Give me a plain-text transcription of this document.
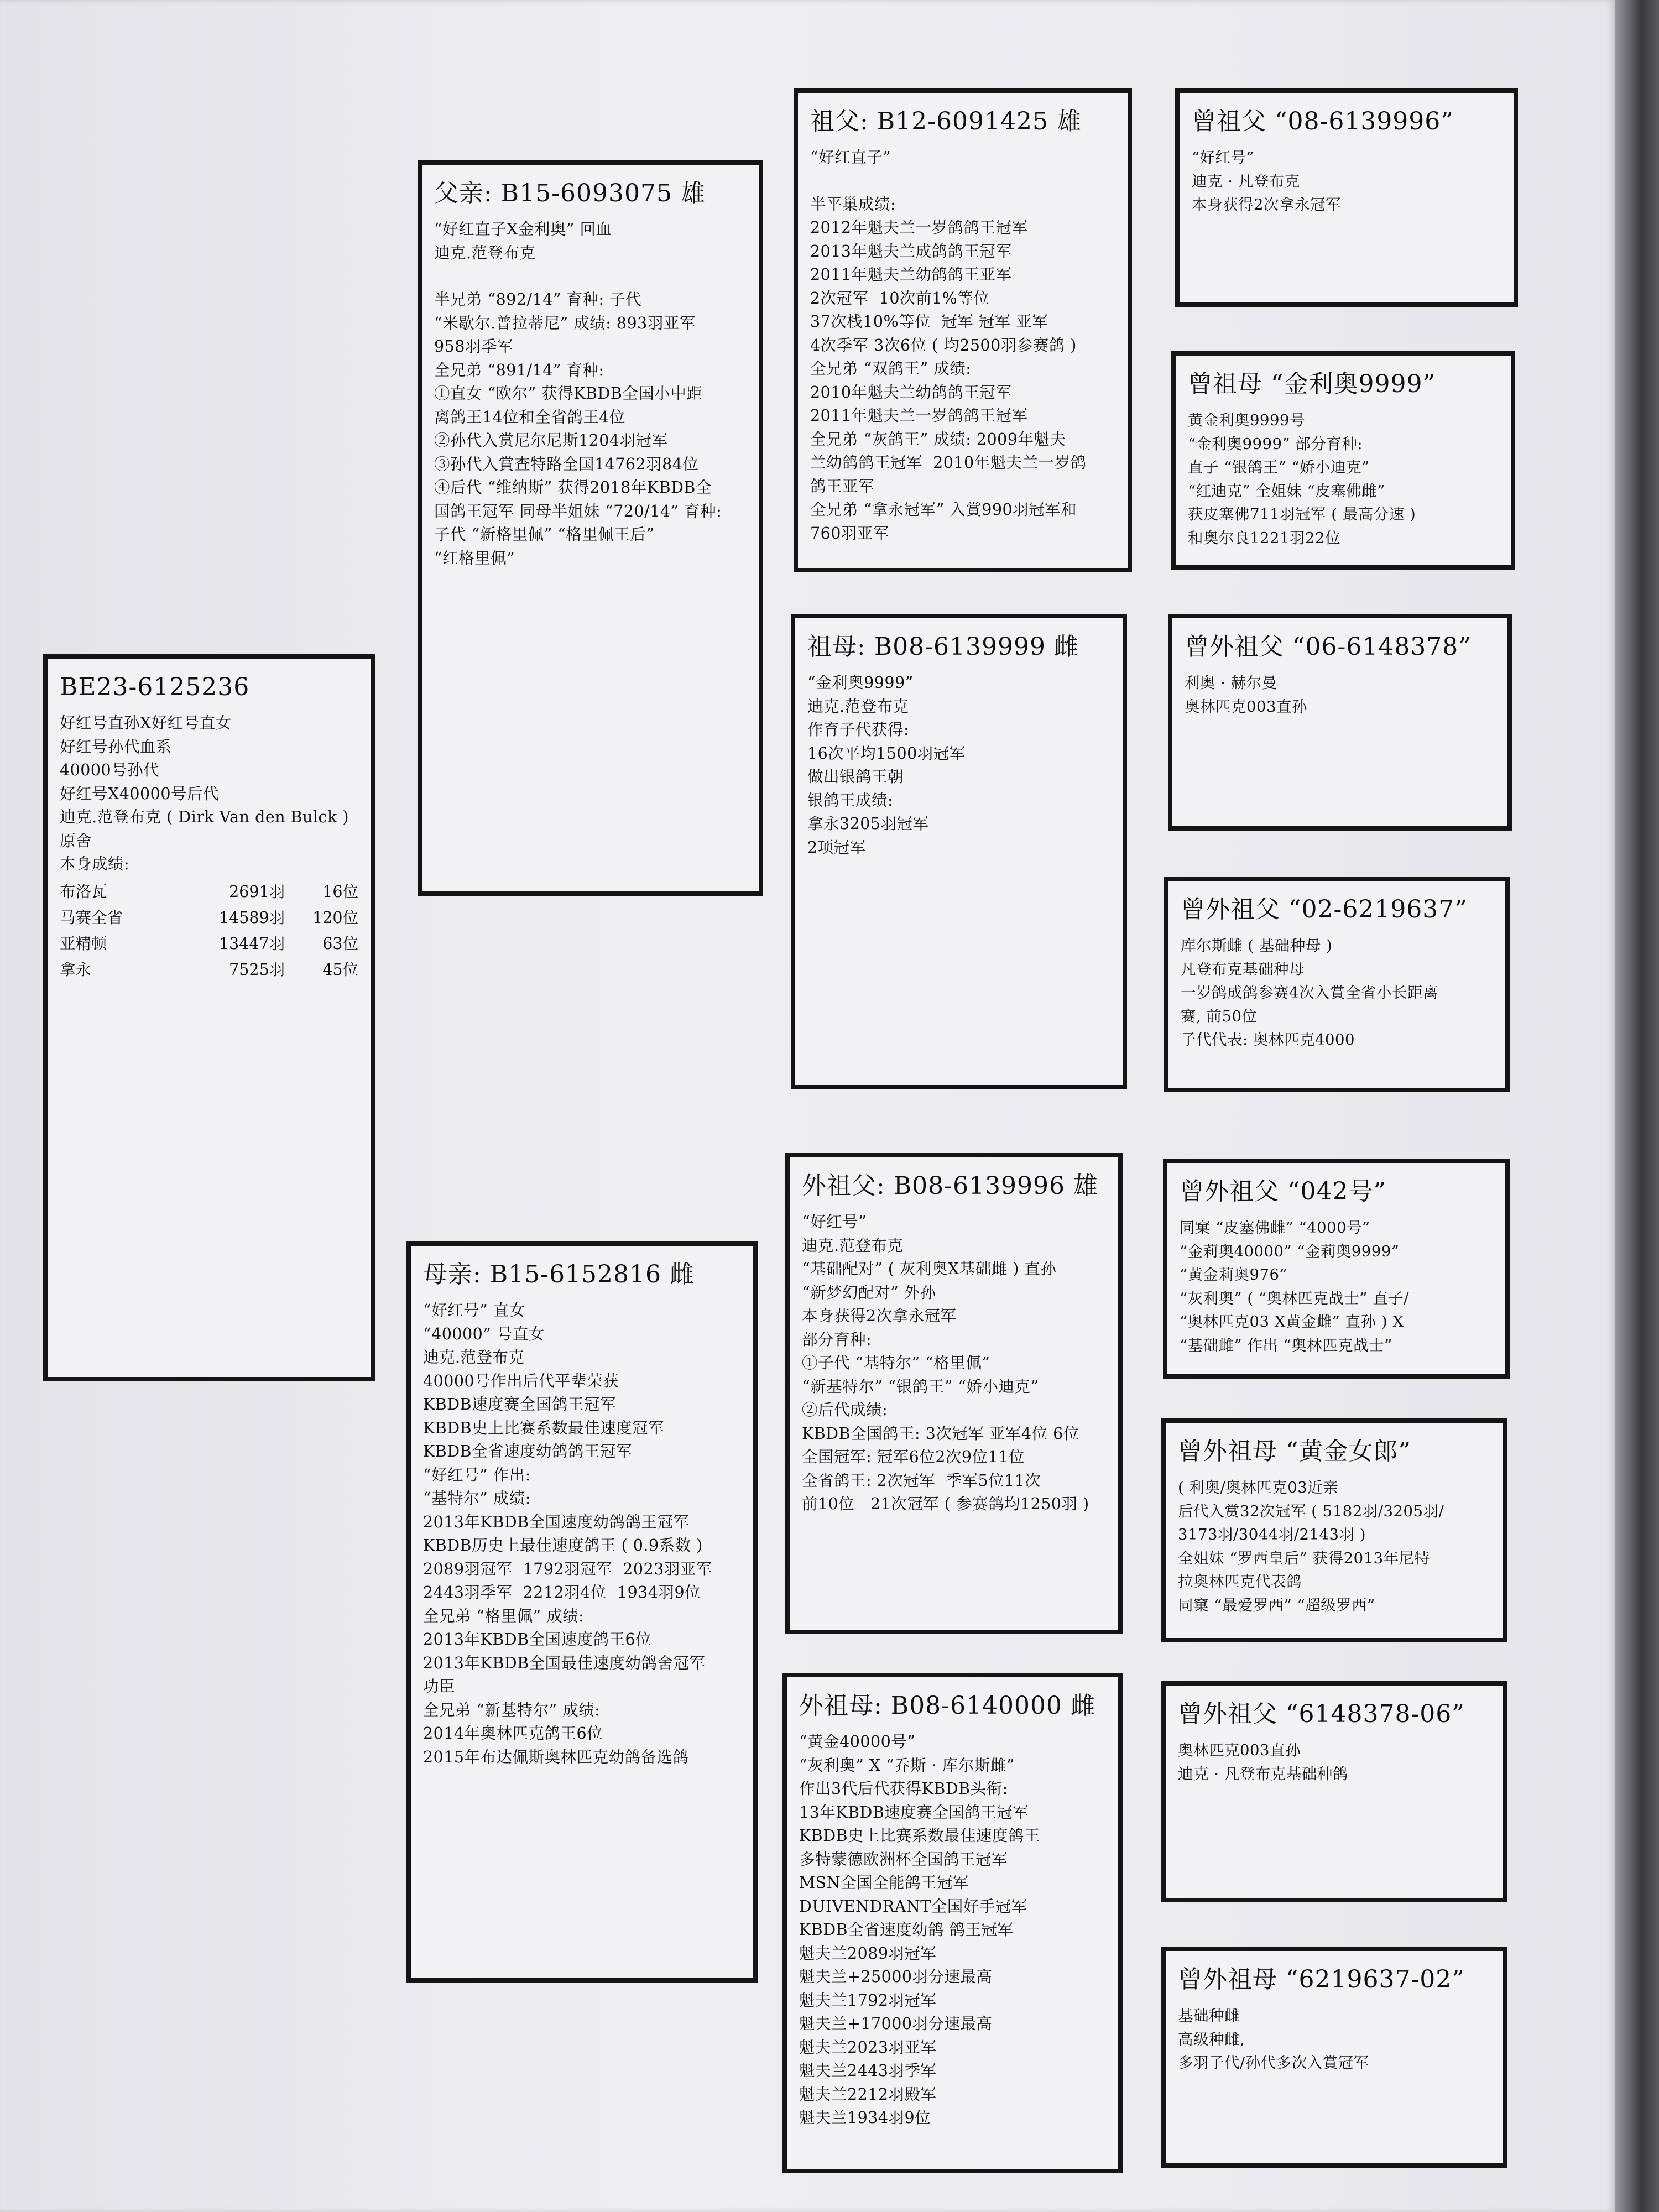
BE23-6125236
好红号直孙X好红号直女
好红号孙代血系
40000号孙代
好红号X40000号后代
迪克.范登布克 ( Dirk Van den Bulck )
原舍
本身成绩:
布洛瓦	2691羽	16位
马赛全省	14589羽	120位
亚精顿	13447羽	63位
拿永	7525羽	45位
父亲: B15-6093075 雄
“好红直子X金利奥” 回血
迪克.范登布克
半兄弟 “892/14” 育种: 子代
“米歇尔.普拉蒂尼” 成绩: 893羽亚军
958羽季军
全兄弟 “891/14” 育种:
①直女 “欧尔” 获得KBDB全国小中距
离鸽王14位和全省鸽王4位
②孙代入赏尼尔尼斯1204羽冠军
③孙代入賞查特路全国14762羽84位
④后代 “维纳斯” 获得2018年KBDB全
国鸽王冠军 同母半姐妹 “720/14” 育种:
子代 “新格里佩” “格里佩王后”
“红格里佩”
母亲: B15-6152816 雌
“好红号” 直女
“40000” 号直女
迪克.范登布克
40000号作出后代平辈荣获
KBDB速度赛全国鸽王冠军
KBDB史上比赛系数最佳速度冠军
KBDB全省速度幼鸽鸽王冠军
“好红号” 作出:
“基特尔” 成绩:
2013年KBDB全国速度幼鸽鸽王冠军
KBDB历史上最佳速度鸽王 ( 0.9系数 )
2089羽冠军  1792羽冠军  2023羽亚军
2443羽季军  2212羽4位  1934羽9位
全兄弟 “格里佩” 成绩:
2013年KBDB全国速度鸽王6位
2013年KBDB全国最佳速度幼鸽舍冠军
功臣
全兄弟 “新基特尔” 成绩:
2014年奥林匹克鸽王6位
2015年布达佩斯奥林匹克幼鸽备选鸽
祖父: B12-6091425 雄
“好红直子”
半平巢成绩:
2012年魁夫兰一岁鸽鸽王冠军
2013年魁夫兰成鸽鸽王冠军
2011年魁夫兰幼鸽鸽王亚军
2次冠军  10次前1%等位
37次栈10%等位  冠军 冠军 亚军
4次季军 3次6位 ( 均2500羽参赛鸽 )
全兄弟 “双鸽王” 成绩:
2010年魁夫兰幼鸽鸽王冠军
2011年魁夫兰一岁鸽鸽王冠军
全兄弟 “灰鸽王” 成绩: 2009年魁夫
兰幼鸽鸽王冠军  2010年魁夫兰一岁鸽
鸽王亚军
全兄弟 “拿永冠军” 入賞990羽冠军和
760羽亚军
祖母: B08-6139999 雌
“金利奥9999”
迪克.范登布克
作育子代获得:
16次平均1500羽冠军
做出银鸽王朝
银鸽王成绩:
拿永3205羽冠军
2项冠军
外祖父: B08-6139996 雄
“好红号”
迪克.范登布克
“基础配对” ( 灰利奥X基础雌 ) 直孙
“新梦幻配对” 外孙
本身获得2次拿永冠军
部分育种:
①子代 “基特尔” “格里佩”
“新基特尔” “银鸽王” “娇小迪克”
②后代成绩:
KBDB全国鸽王: 3次冠军 亚军4位 6位
全国冠军: 冠军6位2次9位11位
全省鸽王: 2次冠军  季军5位11次
前10位   21次冠军 ( 参赛鸽均1250羽 )
外祖母: B08-6140000 雌
“黄金40000号”
“灰利奥” X “乔斯 · 库尔斯雌”
作出3代后代获得KBDB头衔:
13年KBDB速度赛全国鸽王冠军
KBDB史上比赛系数最佳速度鸽王
多特蒙德欧洲杯全国鸽王冠军
MSN全国全能鸽王冠军
DUIVENDRANT全国好手冠军
KBDB全省速度幼鸽 鸽王冠军
魁夫兰2089羽冠军
魁夫兰+25000羽分速最高
魁夫兰1792羽冠军
魁夫兰+17000羽分速最高
魁夫兰2023羽亚军
魁夫兰2443羽季军
魁夫兰2212羽殿军
魁夫兰1934羽9位
曾祖父 “08-6139996”
“好红号”
迪克 · 凡登布克
本身获得2次拿永冠军
曾祖母 “金利奥9999”
黄金利奥9999号
“金利奥9999” 部分育种:
直子 “银鸽王” “娇小迪克”
“红迪克” 全姐妹 “皮塞佛雌”
获皮塞佛711羽冠军 ( 最高分速 )
和奥尔良1221羽22位
曾外祖父 “06-6148378”
利奥 · 赫尔曼
奥林匹克003直孙
曾外祖父 “02-6219637”
库尔斯雌 ( 基础种母 )
凡登布克基础种母
一岁鸽成鸽参赛4次入賞全省小长距离
赛, 前50位
子代代表: 奥林匹克4000
曾外祖父 “042号”
同窠 “皮塞佛雌” “4000号”
“金莉奥40000” “金莉奥9999”
“黄金莉奥976”
“灰利奥” ( “奥林匹克战士” 直子/
“奥林匹克03 X黄金雌” 直孙 ) X
“基础雌” 作出 “奥林匹克战士”
曾外祖母 “黄金女郎”
( 利奥/奥林匹克03近亲
后代入赏32次冠军 ( 5182羽/3205羽/
3173羽/3044羽/2143羽 )
全姐妹 “罗西皇后” 获得2013年尼特
拉奥林匹克代表鸽
同窠 “最爱罗西” “超级罗西”
曾外祖父 “6148378-06”
奥林匹克003直孙
迪克 · 凡登布克基础种鸽
曾外祖母 “6219637-02”
基础种雌
高级种雌,
多羽子代/孙代多次入賞冠军
